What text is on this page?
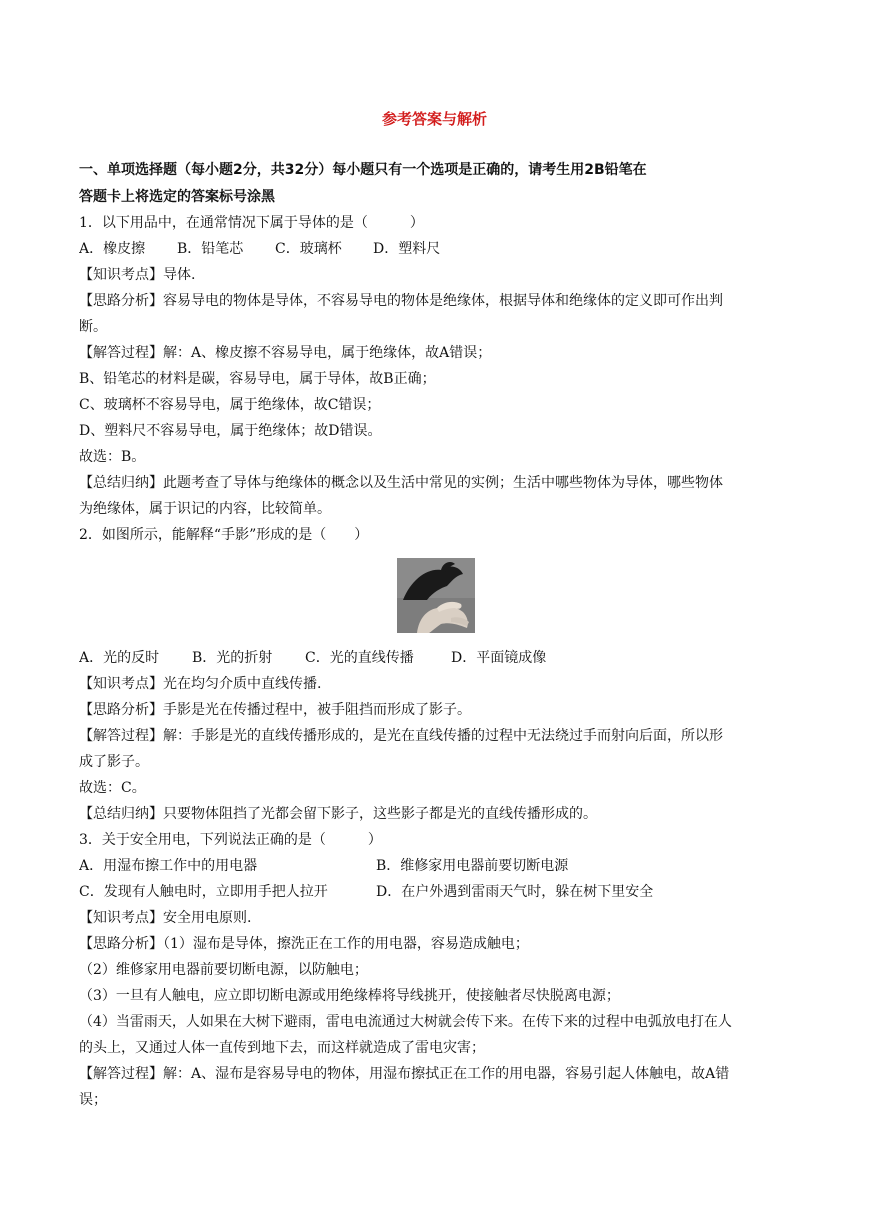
参考答案与解析
一、单项选择题（每小题2分，共32分）每小题只有一个选项是正确的，请考生用2B铅笔在
答题卡上将选定的答案标号涂黑
1．以下用品中，在通常情况下属于导体的是（　　　）
A．橡皮擦 B．铅笔芯 C．玻璃杯 D．塑料尺
【知识考点】导体.
【思路分析】容易导电的物体是导体，不容易导电的物体是绝缘体，根据导体和绝缘体的定义即可作出判
断。
【解答过程】解：A、橡皮擦不容易导电，属于绝缘体，故A错误；
B、铅笔芯的材料是碳，容易导电，属于导体，故B正确；
C、玻璃杯不容易导电，属于绝缘体，故C错误；
D、塑料尺不容易导电，属于绝缘体；故D错误。
故选：B。
【总结归纳】此题考查了导体与绝缘体的概念以及生活中常见的实例；生活中哪些物体为导体，哪些物体
为绝缘体，属于识记的内容，比较简单。
2．如图所示，能解释“手影”形成的是（　　）
A．光的反时 B．光的折射 C．光的直线传播	D．平面镜成像
【知识考点】光在均匀介质中直线传播.
【思路分析】手影是光在传播过程中，被手阻挡而形成了影子。
【解答过程】解：手影是光的直线传播形成的，是光在直线传播的过程中无法绕过手而射向后面，所以形
成了影子。
故选：C。
【总结归纳】只要物体阻挡了光都会留下影子，这些影子都是光的直线传播形成的。
3．关于安全用电，下列说法正确的是（　　　）
A．用湿布擦工作中的用电器	B．维修家用电器前要切断电源
C．发现有人触电时，立即用手把人拉开	D．在户外遇到雷雨天气时，躲在树下里安全
【知识考点】安全用电原则.
【思路分析】（1）湿布是导体，擦洗正在工作的用电器，容易造成触电；
（2）维修家用电器前要切断电源，以防触电；
（3）一旦有人触电，应立即切断电源或用绝缘棒将导线挑开，使接触者尽快脱离电源；
（4）当雷雨天，人如果在大树下避雨，雷电电流通过大树就会传下来。在传下来的过程中电弧放电打在人
的头上，又通过人体一直传到地下去，而这样就造成了雷电灾害；
【解答过程】解：A、湿布是容易导电的物体，用湿布擦拭正在工作的用电器，容易引起人体触电，故A错
误；
